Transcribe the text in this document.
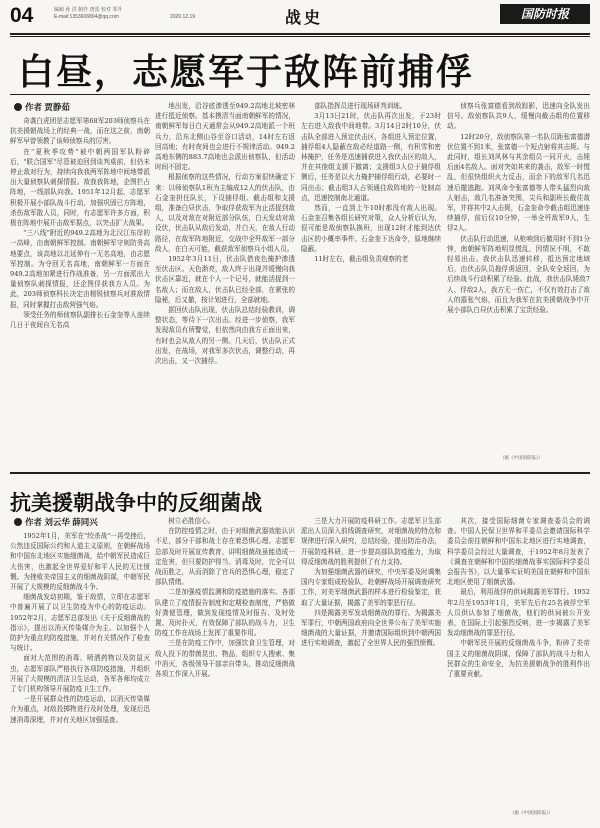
04	编辑 孙 洪 制作 唐雷 校对 邹升
E-mail:1353606804@qq.com	2020.12.19	战史	国防时报
白昼，志愿军于敌阵前捕俘
作者 贾静茹

奇袭白虎团是志愿军第68军203师侦察兵在抗美援朝战场上的经典一战，而在这之前，南朝鲜军早曾领教了该师侦察兵的厉害。

在"夏秋季攻势"被中朝两国军队粉碎后，"联合国军"尽管被迫回到谈判桌前，但仍未停止敌对行为，持续向我我两军阵地中间地带派出大量侦察队刺探情报。敌我我阵地，企图拦占阵地，一线部队向我。1951年12月起，志愿军积极开展小部队战斗行动，加强巩固已方阵地，杀伤敌军散人员，同时，有志愿军许多方面，积极在阵地中展开击敌军据点，以突击扩大战果。

"三八线"附近的949.2高地为北汉江东岸的一高峰，由南朝鲜军控制。南朝鲜军守则防务高地要点，该高地以北延伸有一无名高地，由志愿军控制。为夺回无名高地，南朝鲜军一方面在949.2高地加紧进行作战准备，另一方面派出大量侦察队刺探情报，还企图俘获我方人员。为此，203师侦察科长决定由精锐侦察兵对准敌情报，同时掌握打击敌营强气焰。

领受任务的师侦察队副排长石金奎等人连续几日于夜间自无名高

地出发，沿谷底渗透至949.2高地北坡密林进行抵近侦察。基本摸清当面南朝鲜军的情况，南朝鲜军每日白天通常会从949.2高地派一个班兵力，沿东北侧山谷至谷口活动，14时左右返回高地；有时夜间也会进行不规律活动。949.2高地东侧的883.7高地也会派出侦察队，但活动时间不固定。

根据侦察的这些情况，行动方案很快确定下来：以师侦察队1班为主编成12人的伏击队，由石金奎担任队长，下设捕俘组、截击组和支援组，准备白昼伏击，争取俘获敌军为止活捉到敌人，以及对敌在对附近部分队伍，白天发动对敌设伏，伏击队从敌后发动，并白天，在敌人行动路径，在敌军阵地附近，交战中全歼敌军一部分敌人，在白天可能，截获敌军侦察兵小组人员。

1952年3月11日，伏击队借夜色掩护渗透至伏击区。天色渐亮，敌人终于出现并缓慢向我伏击区靠近，就在个人一个记号，就能活捉到一名敌人；而在敌人，伏击队已经全部，在紧张的隐秘，后又撤，按计划进行，全部就地。

据回伏击队出现，伏击队总结经验教训，调整状态，等待下一次出击。经进一步侦察，我军发现敌员有所警觉，但依然向由我方正面出来，有时也会从敌人的另一侧。几天后，伏击队正式出发，在战场，对我军多次伏击，调整行动，再次出击，又一次捕俘。

部队指挥员进行现场研判训练。

3月13日21时，伏击队再次出发，于23时左右进入敌我中间地带。3月14日2时10分，伏击队全部进入预定伏击区，各组进入预定位置，捕俘组4人隐蔽在敌必经道路一侧，有积雪和密林掩护，任务是迅速捕获进入我伏击区的敌人，并在其他组支援下撤离；支援组3人位于捕俘组侧后，任务是以火力掩护捕俘组行动，必要时一同出击；截击组3人占领通往敌阵地的一处制高点，迅速控制南北通道。

然而，一直到上午10时都没有敌人出现。石金奎召集各组长研究对策，众人分析后认为，很可能是敌侦察队换班，出现12时才能到达伏击区的小概率事件。石金奎下达命令，原地继续隐蔽。

11时左右，截击组负责观察的老

侦察兵张富德看到敌踪影，迅速向全队发出信号。敌侦察队共9人，缓慢向截击组的位置移动。

12时20分，敌侦察队第一名队员距张富德潜伏位置不到1米，张富德一个短点射将其击毙。与此同时，组长刘风林与其余组员一同开火，击毙后面4名敌人。面对突如其来的袭击，敌军一时慌乱，但很快组织火力反击，而余下的敌军几名迅速后撤逃跑。刘风命令张富德等人带头猛烈向敌人射击，敌几名准备突围，尖兵和副班长截住敌军，并将其中2人击毙，石金奎命令截击组迅速连续捕俘，前后仅10分钟，一举全歼敌军9人，生俘2人。

伏击队行动迅速，从枪响到后撤用时不到1分钟，南朝鲜军阵地明显慌乱，因情况不明，不敢轻易出击。我伏击队迅速转移，抵达预定地域后，由伏击队员拖俘虏返回，全队安全返回，为后续战斗行动积累了经验。此战，我伏击队毙敌7人、俘敌2人，我方无一伤亡，不仅有效打击了敌人的嚣张气焰，而且为我军在抗美援朝战争中开展小部队白昼伏击积累了宝贵经验。

（据《中国国防报》）
抗美援朝战争中的反细菌战
作者 刘云华 薛同兴

1952年1月，美军在"绞杀战"一再受挫后，公然违反国际公约和人道主义原则，在朝鲜战场和中国东北地区实施细菌战，给中朝军民造成巨大伤害，也激起全世界爱好和平人民的无比愤慨。为挫败美帝国主义的细菌战阴谋，中朝军民开展了大规模的反细菌战斗争。

细菌战发动初期，鉴于敌情，立即在志愿军中普遍开展了以卫生防疫为中心的防疫运动。1952年2月，志愿军总部发出《关于反细菌战的指示》，提出以消灭传染媒介为主、以加强个人防护为重点的防疫措施，并对有关情况作了检查与统计。

面对大范围的消毒、喷洒药物以及防鼠灭虫，志愿军部队严格执行各项防疫措施，并组织开展了大规模的清洁卫生运动，各军各师均成立了专门机构领导开展防疫卫生工作。

一是开展群众性的防疫运动，以消灭传染媒介为重点，对敌投掷物进行及时处理，发现后迅速消毒深埋，并对有关地区加强巡查。

树立必胜信心。

在防控疫情之时，由于对细菌武器效能认识不足，部分干部和战士存在着恐惧心理。志愿军总部及时开展宣传教育，讲明细菌战虽能造成一定危害，但只要防护得当、消毒及时，完全可以战而胜之，从而消除了官兵的恐惧心理，稳定了部队情绪。

二是加强疫情监测和防疫措施的落实。各部队建立了疫情报告制度和定期检查制度，严格做好粪便管理，做到发现疫情及时报告、及时处置、及时扑灭，有效保障了部队的战斗力，卫生防疫工作在战场上发挥了重要作用。

三是在防疫工作中，加强饮食卫生管理，对敌人投下的带菌昆虫、物品，组织专人搜索、集中消灭，各级领导干部亲自带头，推动反细菌战各项工作深入开展。

三是大力开展防疫科研工作。志愿军卫生部派出人员深入前线调查研究，对细菌战的特点和规律进行深入研究，总结经验，提出防治办法，开展防疫科研，进一步提高部队防疫能力，为取得反细菌战的胜利提供了有力支持。

为加强细菌武器的研究，中央军委及时调集国内专家组成检验队，赴朝鲜战场开展调查研究工作，对美军细菌武器的样本进行检验鉴定，获取了大量证据，揭露了美军的罪恶行径。

四是揭露美军发动细菌战的罪行。为揭露美军罪行，中朝两国政府向全世界公布了美军实施细菌战的大量证据，并邀请国际组织到中朝两国进行实地调查，激起了全世界人民的强烈愤慨。

其次，接受国际细菌专家调查委员会的调查。中国人民保卫世界和平委员会邀请国际科学委员会前往朝鲜和中国东北地区进行实地调查，科学委员会经过大量调查，于1952年8月发表了《调查在朝鲜和中国的细菌战事实国际科学委员会报告书》，以大量事实证明美国在朝鲜和中国东北地区使用了细菌武器。

最后，利用战俘的供词揭露美军罪行。1952年2月至1953年1月，美军先后有25名被俘空军人员供认参加了细菌战，他们的供词被公开发表，在国际上引起强烈反响，进一步揭露了美军发动细菌战的罪恶行径。

中朝军民开展的反细菌战斗争，粉碎了美帝国主义的细菌战阴谋，保障了部队的战斗力和人民群众的生命安全，为抗美援朝战争的胜利作出了重要贡献。

（据《中国国防报》）
